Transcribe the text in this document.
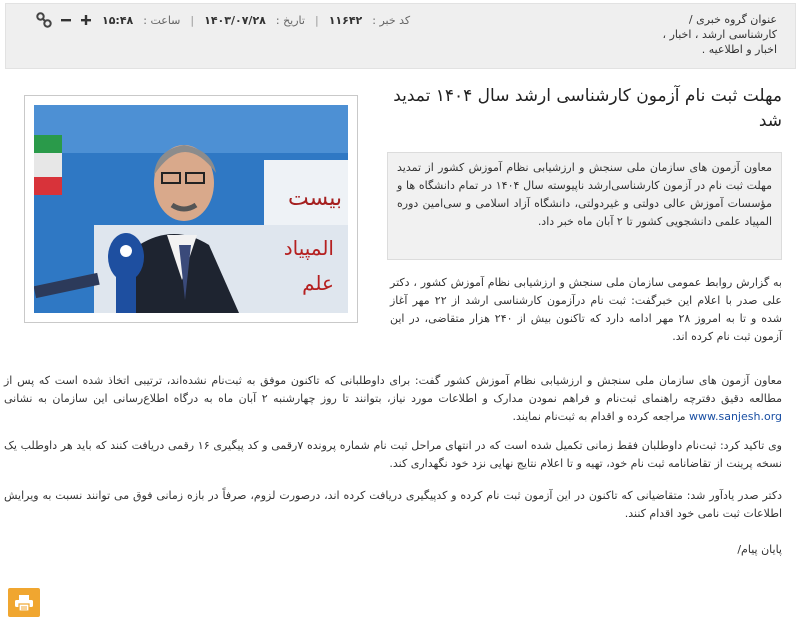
عنوان گروه خبری /
کارشناسی ارشد ، اخبار ،
اخبار و اطلاعیه .
کد خبر :
۱۱۶۴۲
|
تاریخ :
۱۴۰۳/۰۷/۲۸
|
ساعت :
۱۵:۴۸
مهلت ثبت نام آزمون کارشناسی ارشد سال ۱۴۰۴ تمدید شد
بیست
المپیاد
علم
معاون آزمون های سازمان ملی سنجش و ارزشیابی نظام آموزش کشور از تمدید مهلت ثبت نام در آزمون کارشناسی‌ارشد ناپیوسته سال ۱۴۰۴ در تمام دانشگاه ها و مؤسسات آموزش عالی دولتی و غیردولتی، دانشگاه آزاد اسلامی و سی‌امین دوره المپیاد علمی دانشجویی کشور تا ۲ آبان ماه خبر داد.
به گزارش روابط عمومی سازمان ملی سنجش و ارزشیابی نظام آموزش کشور ، دکتر علی صدر با اعلام این خبرگفت: ثبت نام درآزمون کارشناسی ارشد از ۲۲ مهر آغاز شده و تا به امروز ۲۸ مهر ادامه دارد که تاکنون بیش از ۲۴۰ هزار متقاضی، در این آزمون ثبت نام کرده اند.
معاون آزمون های سازمان ملی سنجش و ارزشیابی نظام آموزش کشور گفت: برای داوطلبانی که تاکنون موفق به ثبت‌نام نشده‌اند، ترتیبی اتخاذ شده است که پس از مطالعه دقیق دفترچه راهنمای ثبت‌نام و فراهم نمودن مدارک و اطلاعات مورد نیاز، بتوانند تا روز چهارشنبه ۲ آبان ماه به درگاه اطلاع‌رسانی این سازمان به نشانی www.sanjesh.org مراجعه کرده و اقدام به ثبت‌نام نمایند.
وی تاکید کرد: ثبت‌نام داوطلبان فقط زمانی تکمیل شده است که در انتهای مراحل ثبت نام شماره پرونده ۷رقمی و کد پیگیری ۱۶ رقمی دریافت کنند که باید هر داوطلب یک نسخه پرینت از تقاضانامه ثبت نام خود، تهیه و تا اعلام نتایج نهایی نزد خود نگهداری کند.
دکتر صدر یادآور شد: متقاضیانی که تاکنون در این آزمون ثبت نام کرده و کدپیگیری دریافت کرده اند، درصورت لزوم، صرفاً در بازه زمانی فوق می توانند نسبت به ویرایش اطلاعات ثبت نامی خود اقدام کنند.
پایان پیام/
